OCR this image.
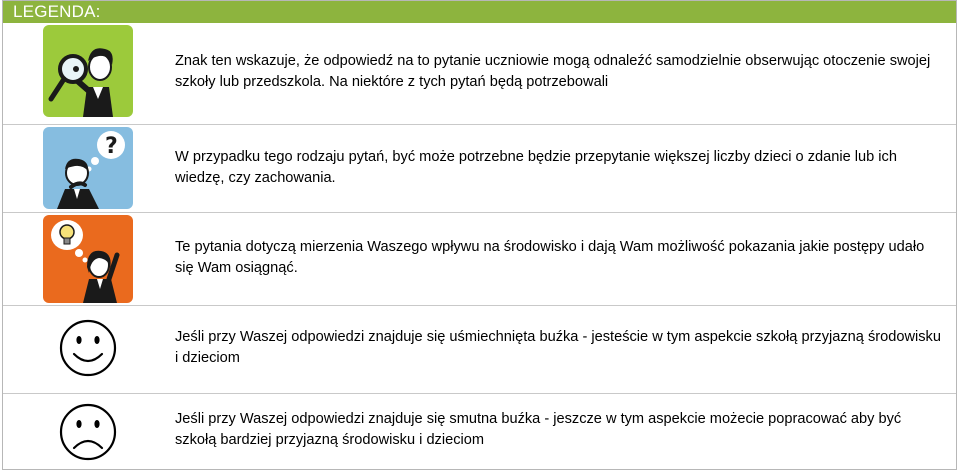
LEGENDA:
Znak ten wskazuje, że odpowiedź na to pytanie uczniowie mogą odnaleźć samodzielnie obserwując otoczenie swojej szkoły lub przedszkola. Na niektóre z tych pytań będą potrzebowali
?	W przypadku tego rodzaju pytań, być może potrzebne będzie przepytanie większej liczby dzieci o zdanie lub ich wiedzę, czy zachowania.
Te pytania dotyczą mierzenia Waszego wpływu na środowisko i dają Wam możliwość pokazania jakie postępy udało się Wam osiągnąć.
Jeśli przy Waszej odpowiedzi znajduje się uśmiechnięta buźka - jesteście w tym aspekcie szkołą przyjazną środowisku i dzieciom
Jeśli przy Waszej odpowiedzi znajduje się smutna buźka - jeszcze w tym aspekcie możecie popracować aby być szkołą bardziej przyjazną środowisku i dzieciom
